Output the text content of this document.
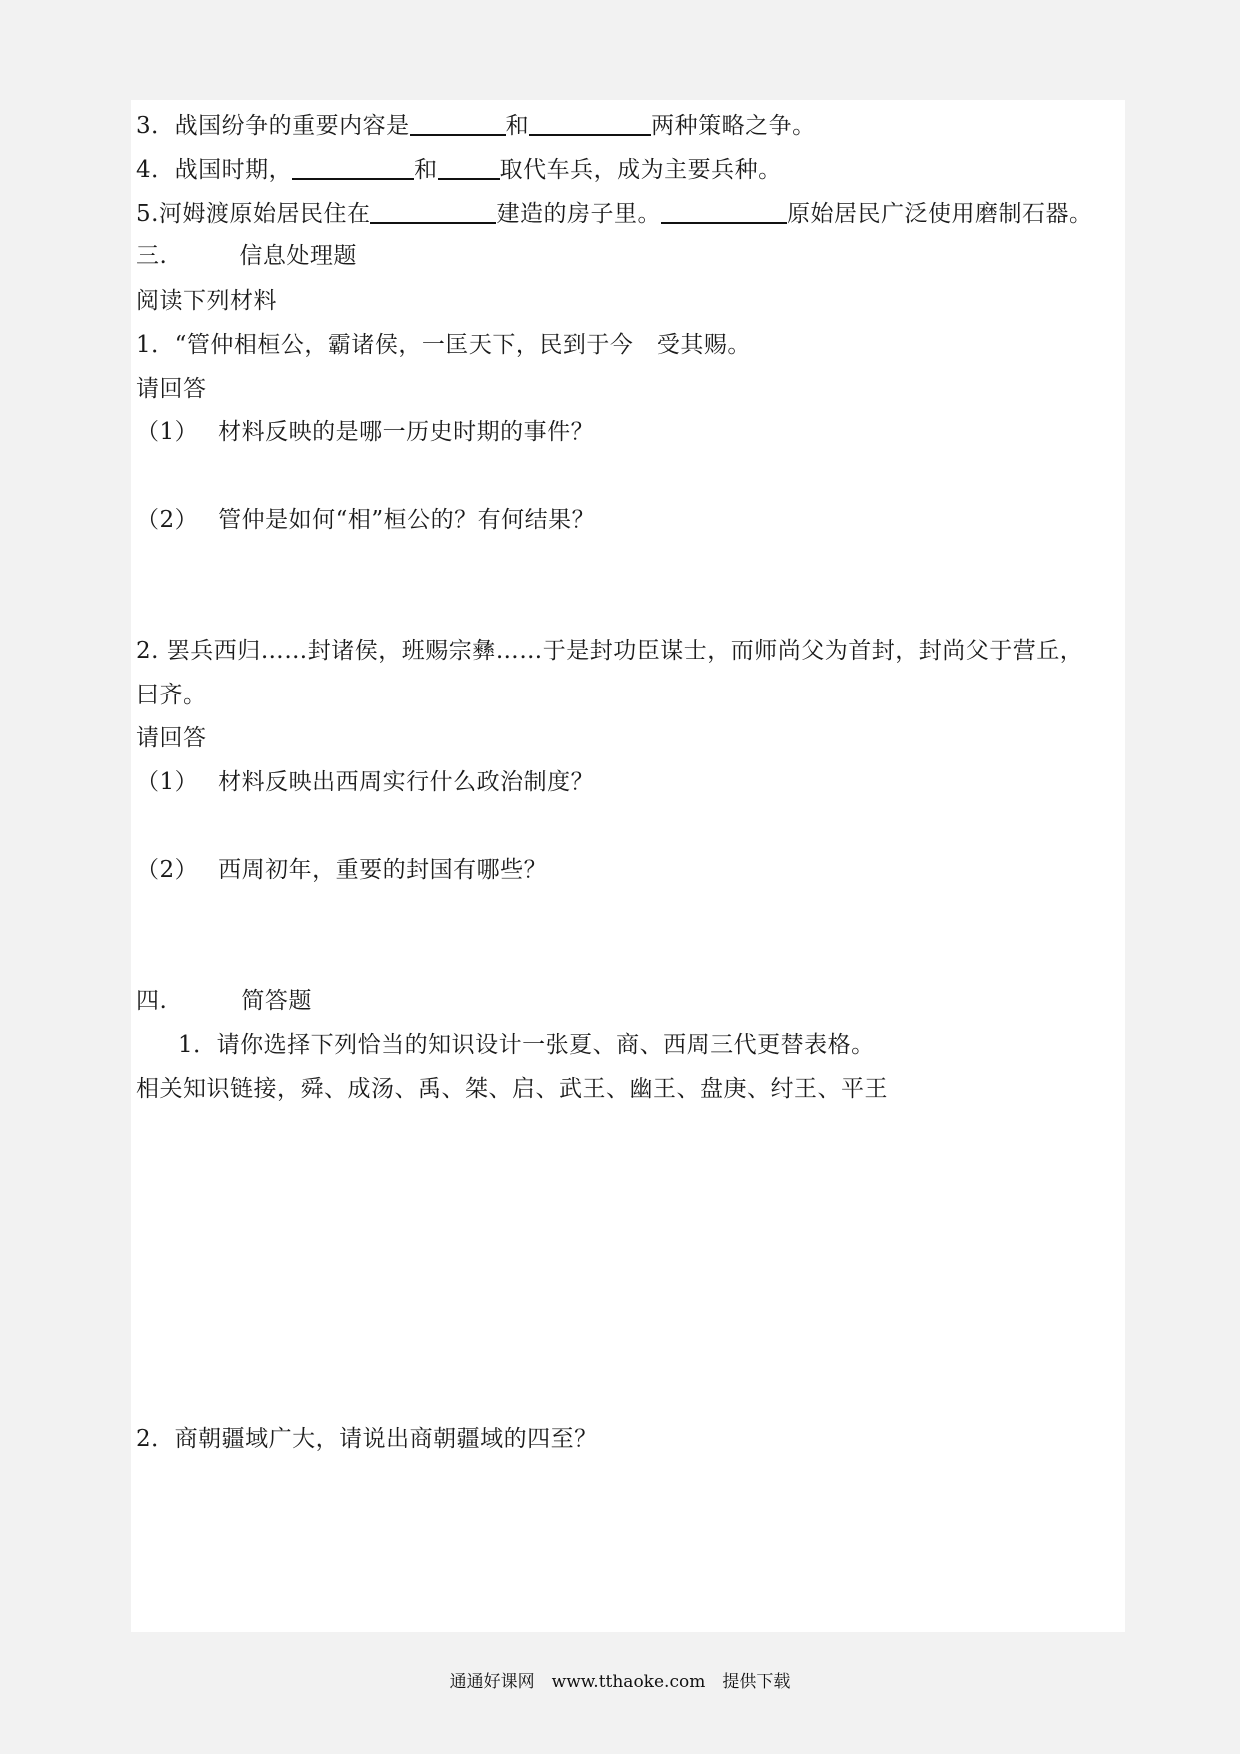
3．战国纷争的重要内容是	和	两种策略之争。

4．战国时期，	和	取代车兵，成为主要兵种。

5.河姆渡原始居民住在	建造的房子里。	原始居民广泛使用磨制石器。

三.	信息处理题

阅读下列材料

1．“管仲相桓公，霸诸侯，一匡天下，民到于今　受其赐。

请回答

（1） 材料反映的是哪一历史时期的事件？

（2） 管仲是如何“相”桓公的？有何结果？

2. 罢兵西归……封诸侯，班赐宗彝……于是封功臣谋士，而师尚父为首封，封尚父于营丘，

曰齐。

请回答

（1） 材料反映出西周实行什么政治制度？

（2） 西周初年，重要的封国有哪些？

四.	简答题

1．请你选择下列恰当的知识设计一张夏、商、西周三代更替表格。

相关知识链接，舜、成汤、禹、桀、启、武王、幽王、盘庚、纣王、平王

2．商朝疆域广大，请说出商朝疆域的四至？

通通好课网　www.tthaoke.com　提供下载
